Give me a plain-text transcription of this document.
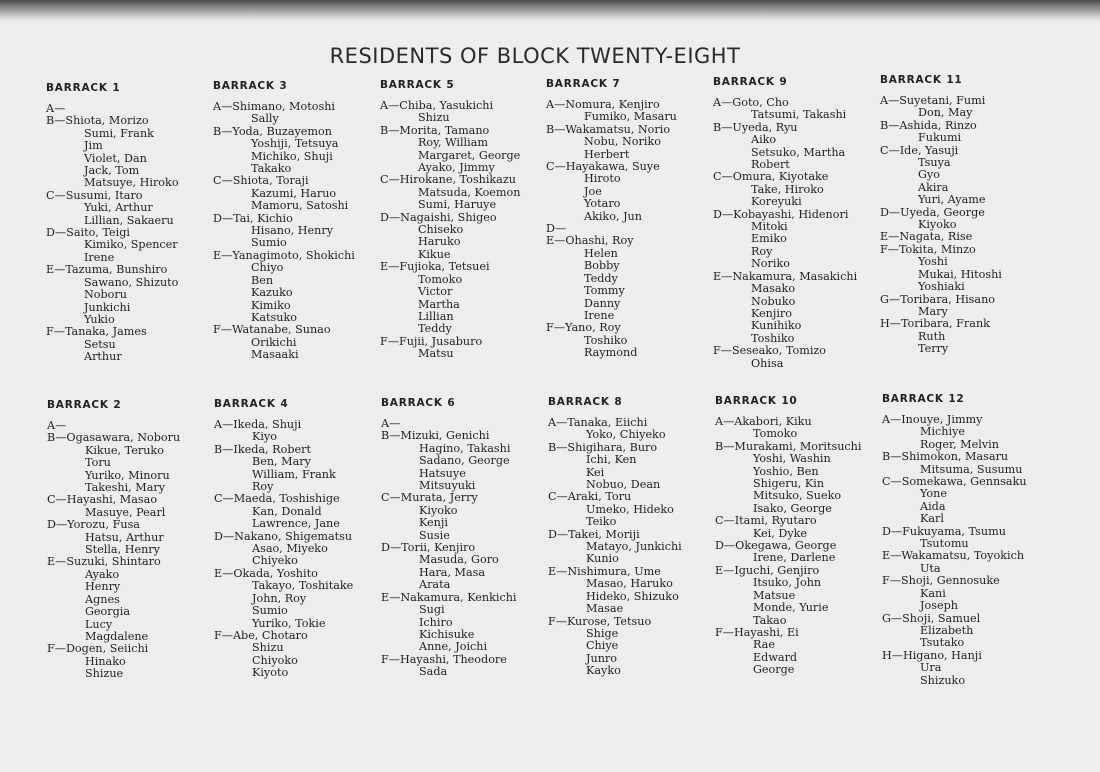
RESIDENTS OF BLOCK TWENTY-EIGHT
BARRACK 1
A—
B—Shiota, Morizo
Sumi, Frank
Jim
Violet, Dan
Jack, Tom
Matsuye, Hiroko
C—Susumi, Itaro
Yuki, Arthur
Lillian, Sakaeru
D—Saito, Teigi
Kimiko, Spencer
Irene
E—Tazuma, Bunshiro
Sawano, Shizuto
Noboru
Junkichi
Yukio
F—Tanaka, James
Setsu
Arthur
BARRACK 3
A—Shimano, Motoshi
Sally
B—Yoda, Buzayemon
Yoshiji, Tetsuya
Michiko, Shuji
Takako
C—Shiota, Toraji
Kazumi, Haruo
Mamoru, Satoshi
D—Tai, Kichio
Hisano, Henry
Sumio
E—Yanagimoto, Shokichi
Chiyo
Ben
Kazuko
Kimiko
Katsuko
F—Watanabe, Sunao
Orikichi
Masaaki
BARRACK 5
A—Chiba, Yasukichi
Shizu
B—Morita, Tamano
Roy, William
Margaret, George
Ayako, Jimmy
C—Hirokane, Toshikazu
Matsuda, Koemon
Sumi, Haruye
D—Nagaishi, Shigeo
Chiseko
Haruko
Kikue
E—Fujioka, Tetsuei
Tomoko
Victor
Martha
Lillian
Teddy
F—Fujii, Jusaburo
Matsu
BARRACK 7
A—Nomura, Kenjiro
Fumiko, Masaru
B—Wakamatsu, Norio
Nobu, Noriko
Herbert
C—Hayakawa, Suye
Hiroto
Joe
Yotaro
Akiko, Jun
D—
E—Ohashi, Roy
Helen
Bobby
Teddy
Tommy
Danny
Irene
F—Yano, Roy
Toshiko
Raymond
BARRACK 9
A—Goto, Cho
Tatsumi, Takashi
B—Uyeda, Ryu
Aiko
Setsuko, Martha
Robert
C—Omura, Kiyotake
Take, Hiroko
Koreyuki
D—Kobayashi, Hidenori
Mitoki
Emiko
Roy
Noriko
E—Nakamura, Masakichi
Masako
Nobuko
Kenjiro
Kunihiko
Toshiko
F—Seseako, Tomizo
Ohisa
BARRACK 11
A—Suyetani, Fumi
Don, May
B—Ashida, Rinzo
Fukumi
C—Ide, Yasuji
Tsuya
Gyo
Akira
Yuri, Ayame
D—Uyeda, George
Kiyoko
E—Nagata, Rise
F—Tokita, Minzo
Yoshi
Mukai, Hitoshi
Yoshiaki
G—Toribara, Hisano
Mary
H—Toribara, Frank
Ruth
Terry
BARRACK 2
A—
B—Ogasawara, Noboru
Kikue, Teruko
Toru
Yuriko, Minoru
Takeshi, Mary
C—Hayashi, Masao
Masuye, Pearl
D—Yorozu, Fusa
Hatsu, Arthur
Stella, Henry
E—Suzuki, Shintaro
Ayako
Henry
Agnes
Georgia
Lucy
Magdalene
F—Dogen, Seiichi
Hinako
Shizue
BARRACK 4
A—Ikeda, Shuji
Kiyo
B—Ikeda, Robert
Ben, Mary
William, Frank
Roy
C—Maeda, Toshishige
Kan, Donald
Lawrence, Jane
D—Nakano, Shigematsu
Asao, Miyeko
Chiyeko
E—Okada, Yoshito
Takayo, Toshitake
John, Roy
Sumio
Yuriko, Tokie
F—Abe, Chotaro
Shizu
Chiyoko
Kiyoto
BARRACK 6
A—
B—Mizuki, Genichi
Hagino, Takashi
Sadano, George
Hatsuye
Mitsuyuki
C—Murata, Jerry
Kiyoko
Kenji
Susie
D—Torii, Kenjiro
Masuda, Goro
Hara, Masa
Arata
E—Nakamura, Kenkichi
Sugi
Ichiro
Kichisuke
Anne, Joichi
F—Hayashi, Theodore
Sada
BARRACK 8
A—Tanaka, Eiichi
Yoko, Chiyeko
B—Shigihara, Buro
Ichi, Ken
Kei
Nobuo, Dean
C—Araki, Toru
Umeko, Hideko
Teiko
D—Takei, Moriji
Matayo, Junkichi
Kunio
E—Nishimura, Ume
Masao, Haruko
Hideko, Shizuko
Masae
F—Kurose, Tetsuo
Shige
Chiye
Junro
Kayko
BARRACK 10
A—Akabori, Kiku
Tomoko
B—Murakami, Moritsuchi
Yoshi, Washin
Yoshio, Ben
Shigeru, Kin
Mitsuko, Sueko
Isako, George
C—Itami, Ryutaro
Kei, Dyke
D—Okegawa, George
Irene, Darlene
E—Iguchi, Genjiro
Itsuko, John
Matsue
Monde, Yurie
Takao
F—Hayashi, Ei
Rae
Edward
George
BARRACK 12
A—Inouye, Jimmy
Michiye
Roger, Melvin
B—Shimokon, Masaru
Mitsuma, Susumu
C—Somekawa, Gennsaku
Yone
Aida
Karl
D—Fukuyama, Tsumu
Tsutomu
E—Wakamatsu, Toyokich
Uta
F—Shoji, Gennosuke
Kani
Joseph
G—Shoji, Samuel
Elizabeth
Tsutako
H—Higano, Hanji
Ura
Shizuko
